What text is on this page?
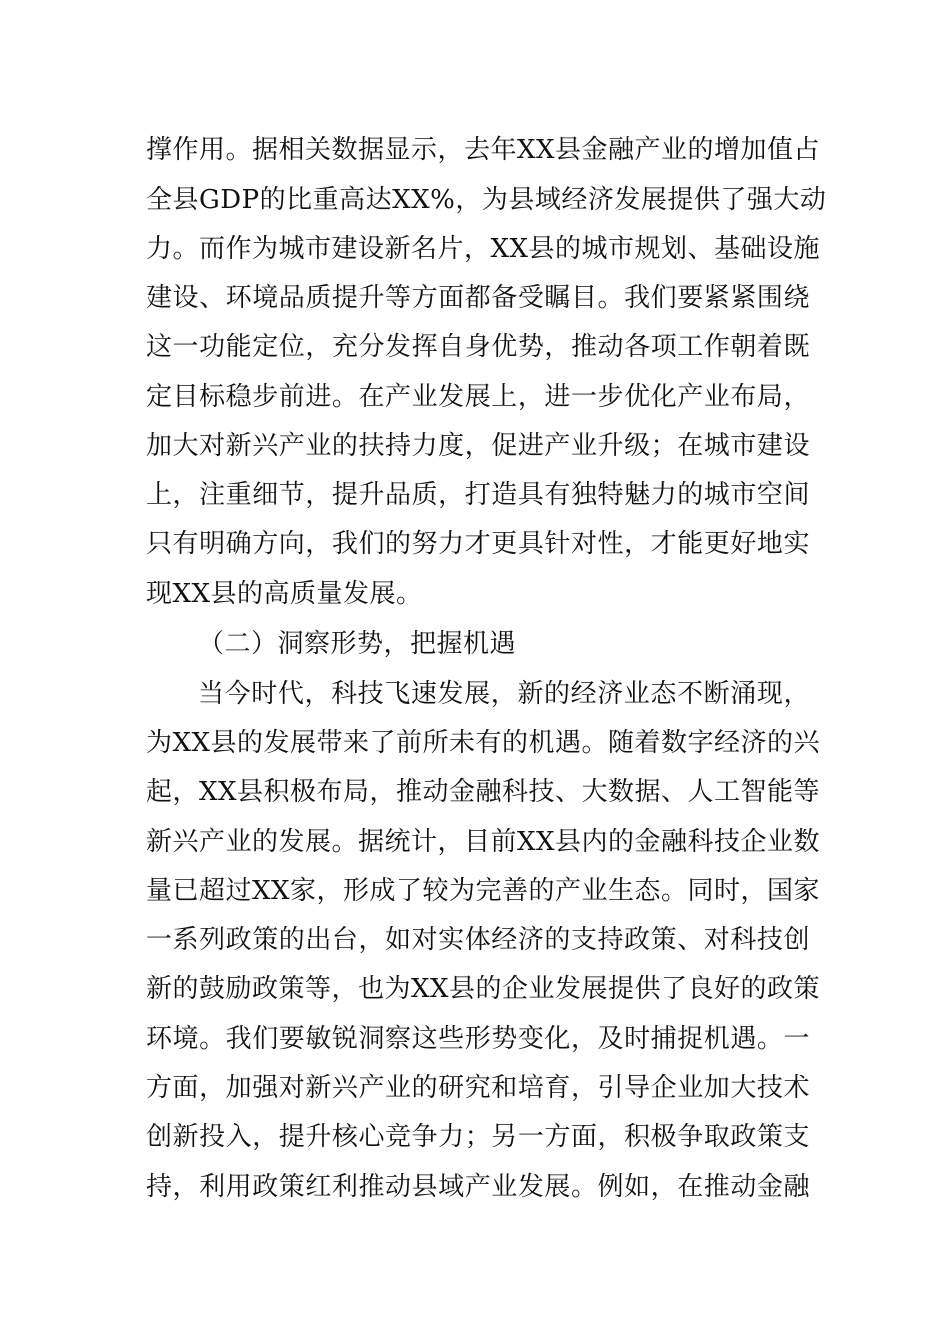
撑作用。据相关数据显示，去年XX县金融产业的增加值占

全县GDP的比重高达XX%，为县域经济发展提供了强大动

力。而作为城市建设新名片，XX县的城市规划、基础设施

建设、环境品质提升等方面都备受瞩目。我们要紧紧围绕

这一功能定位，充分发挥自身优势，推动各项工作朝着既

定目标稳步前进。在产业发展上，进一步优化产业布局，

加大对新兴产业的扶持力度，促进产业升级；在城市建设

上，注重细节，提升品质，打造具有独特魅力的城市空间

只有明确方向，我们的努力才更具针对性，才能更好地实

现XX县的高质量发展。

（二）洞察形势，把握机遇

当今时代，科技飞速发展，新的经济业态不断涌现，

为XX县的发展带来了前所未有的机遇。随着数字经济的兴

起，XX县积极布局，推动金融科技、大数据、人工智能等

新兴产业的发展。据统计，目前XX县内的金融科技企业数

量已超过XX家，形成了较为完善的产业生态。同时，国家

一系列政策的出台，如对实体经济的支持政策、对科技创

新的鼓励政策等，也为XX县的企业发展提供了良好的政策

环境。我们要敏锐洞察这些形势变化，及时捕捉机遇。一

方面，加强对新兴产业的研究和培育，引导企业加大技术

创新投入，提升核心竞争力；另一方面，积极争取政策支

持，利用政策红利推动县域产业发展。例如，在推动金融
